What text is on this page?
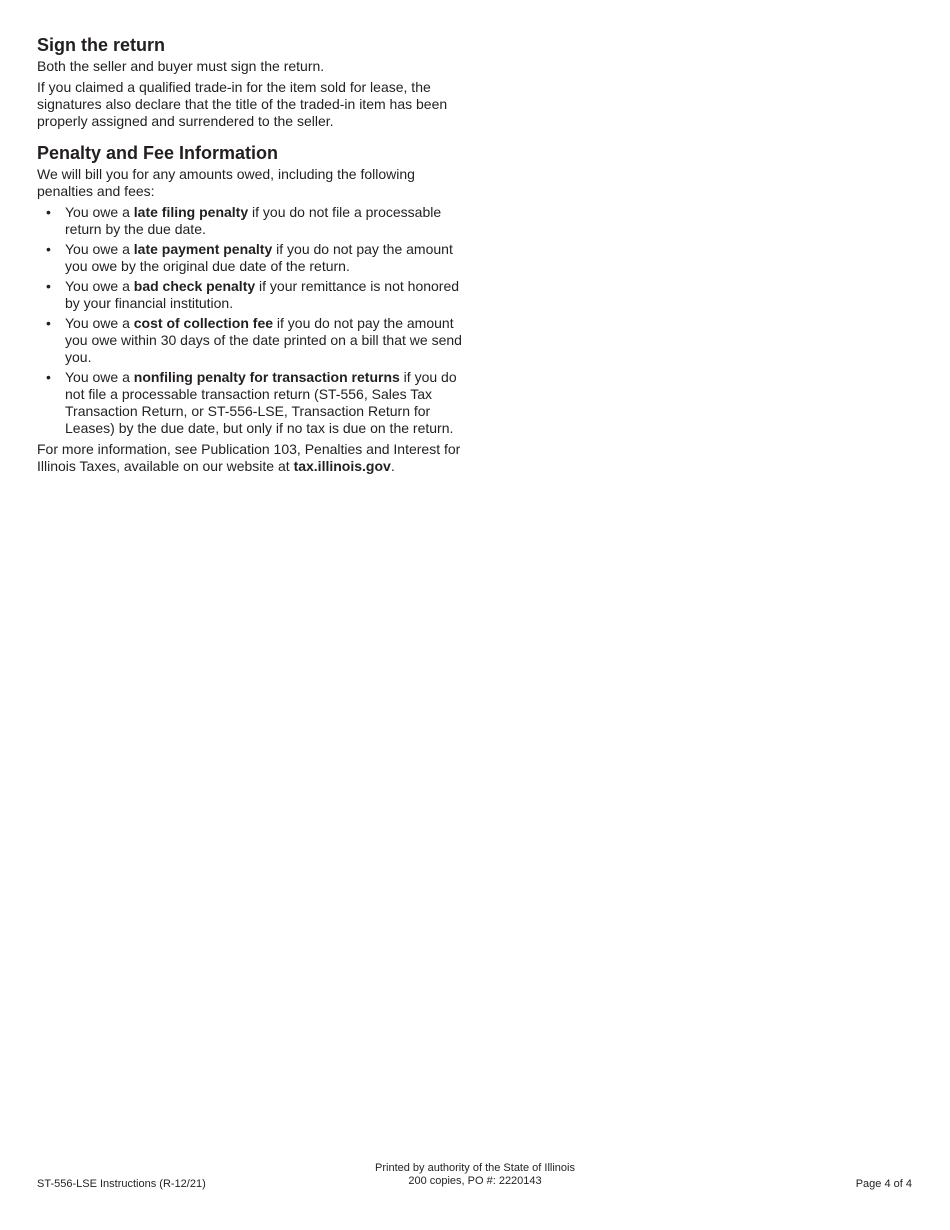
Sign the return

Both the seller and buyer must sign the return.

If you claimed a qualified trade-in for the item sold for lease, the signatures also declare that the title of the traded-in item has been properly assigned and surrendered to the seller.

Penalty and Fee Information

We will bill you for any amounts owed, including the following penalties and fees:

• You owe a late filing penalty if you do not file a processable return by the due date.
• You owe a late payment penalty if you do not pay the amount you owe by the original due date of the return.
• You owe a bad check penalty if your remittance is not honored by your financial institution.
• You owe a cost of collection fee if you do not pay the amount you owe within 30 days of the date printed on a bill that we send you.
• You owe a nonfiling penalty for transaction returns if you do not file a processable transaction return (ST-556, Sales Tax Transaction Return, or ST-556-LSE, Transaction Return for Leases) by the due date, but only if no tax is due on the return.

For more information, see Publication 103, Penalties and Interest for Illinois Taxes, available on our website at tax.illinois.gov.

ST-556-LSE Instructions (R-12/21)
Printed by authority of the State of Illinois
200 copies, PO #: 2220143	Page 4 of 4
